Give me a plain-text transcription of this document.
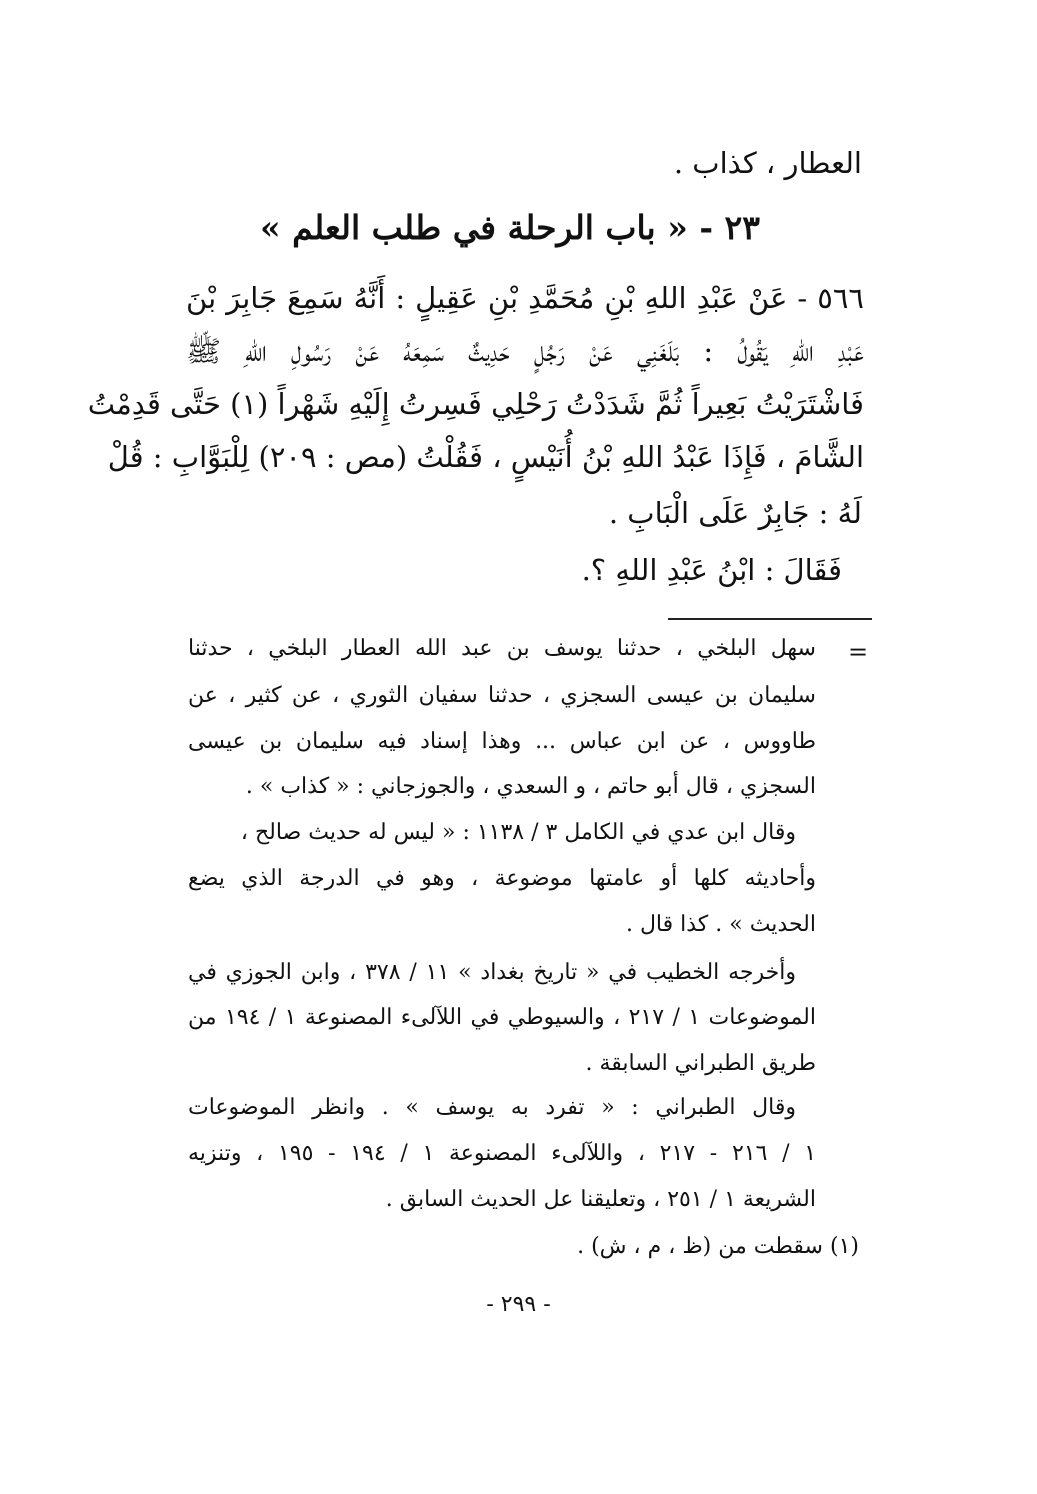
العطار ، كذاب .
٢٣ - « باب الرحلة في طلب العلم »
٥٦٦ - عَنْ عَبْدِ اللهِ بْنِ مُحَمَّدِ بْنِ عَقِيلٍ : أَنَّهُ سَمِعَ جَابِرَ بْنَ
عَبْدِ اللهِ يَقُولُ : بَلَغَنِي عَنْ رَجُلٍ حَدِيثٌ سَمِعَهُ عَنْ رَسُولِ اللهِ ﷺ
فَاشْتَرَيْتُ بَعِيراً ثُمَّ شَدَدْتُ رَحْلِي فَسِرتُ إِلَيْهِ شَهْراً (١) حَتَّى قَدِمْتُ
الشَّامَ ، فَإِذَا عَبْدُ اللهِ بْنُ أُنَيْسٍ ، فَقُلْتُ (مص : ٢٠٩) لِلْبَوَّابِ : قُلْ
لَهُ : جَابِرٌ عَلَى الْبَابِ .
فَقَالَ : ابْنُ عَبْدِ اللهِ ؟.
=
سهل البلخي ، حدثنا يوسف بن عبد الله العطار البلخي ، حدثنا
سليمان بن عيسى السجزي ، حدثنا سفيان الثوري ، عن كثير ، عن
طاووس ، عن ابن عباس ... وهذا إسناد فيه سليمان بن عيسى
السجزي ، قال أبو حاتم ، و السعدي ، والجوزجاني : « كذاب » .
وقال ابن عدي في الكامل ٣ / ١١٣٨ : « ليس له حديث صالح ،
وأحاديثه كلها أو عامتها موضوعة ، وهو في الدرجة الذي يضع
الحديث » . كذا قال .
وأخرجه الخطيب في « تاريخ بغداد » ١١ / ٣٧٨ ، وابن الجوزي في
الموضوعات ١ / ٢١٧ ، والسيوطي في اللآلىء المصنوعة ١ / ١٩٤ من
طريق الطبراني السابقة .
وقال الطبراني : « تفرد به يوسف » . وانظر الموضوعات
١ / ٢١٦ - ٢١٧ ، واللآلىء المصنوعة ١ / ١٩٤ - ١٩٥ ، وتنزيه
الشريعة ١ / ٢٥١ ، وتعليقنا عل الحديث السابق .
(١) سقطت من (ظ ، م ، ش) .
- ٢٩٩ -
